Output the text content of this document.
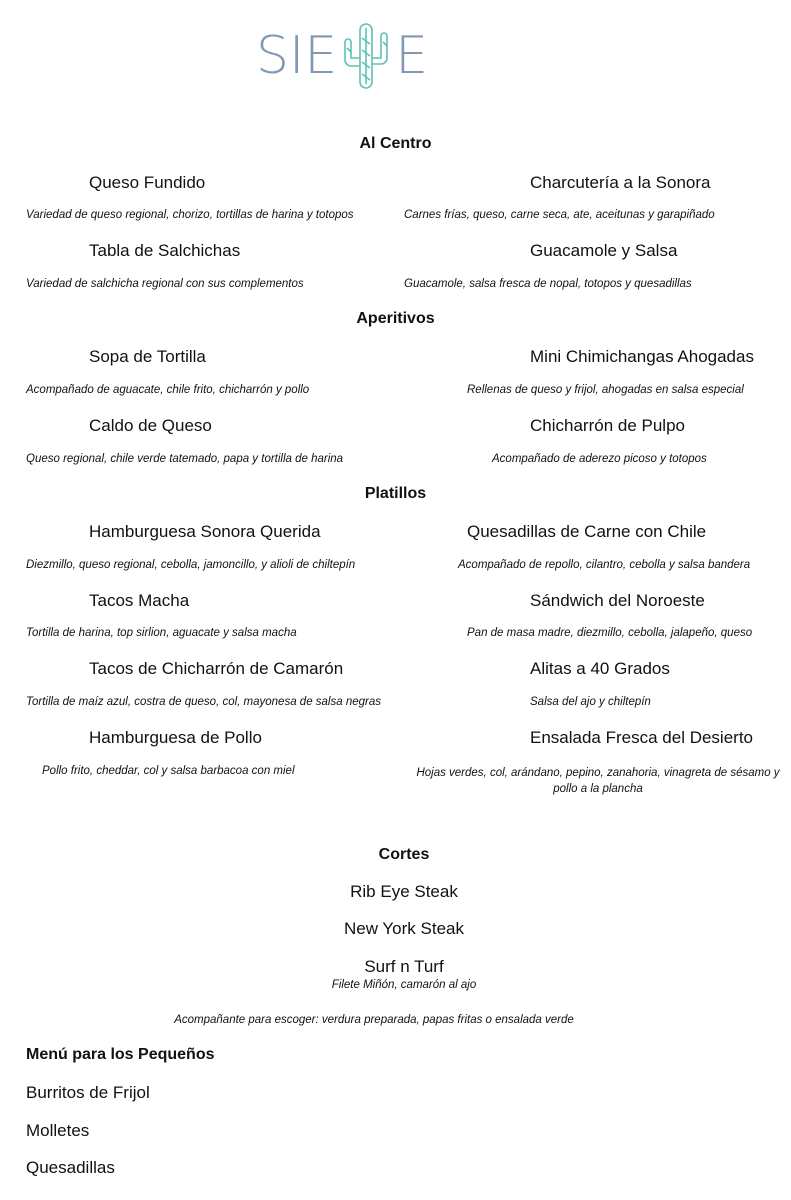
SIE E
Al Centro
Queso Fundido	Charcutería a la Sonora
Variedad de queso regional, chorizo, tortillas de harina y totopos	Carnes frías, queso, carne seca, ate, aceitunas y garapiñado
Tabla de Salchichas	Guacamole y Salsa
Variedad de salchicha regional con sus complementos	Guacamole, salsa fresca de nopal, totopos y quesadillas
Aperitivos
Sopa de Tortilla	Mini Chimichangas Ahogadas
Acompañado de aguacate, chile frito, chicharrón y pollo	Rellenas de queso y frijol, ahogadas en salsa especial
Caldo de Queso	Chicharrón de Pulpo
Queso regional, chile verde tatemado, papa y tortilla de harina	Acompañado de aderezo picoso y totopos
Platillos
Hamburguesa Sonora Querida	Quesadillas de Carne con Chile
Diezmillo, queso regional, cebolla, jamoncillo, y alioli de chiltepín	Acompañado de repollo, cilantro, cebolla y salsa bandera
Tacos Macha	Sándwich del Noroeste
Tortilla de harina, top sirlion, aguacate y salsa macha	Pan de masa madre, diezmillo, cebolla, jalapeño, queso
Tacos de Chicharrón de Camarón	Alitas a 40 Grados
Tortilla de maíz azul, costra de queso, col, mayonesa de salsa negras	Salsa del ajo y chiltepín
Hamburguesa de Pollo	Ensalada Fresca del Desierto
Pollo frito, cheddar, col y salsa barbacoa con miel	Hojas verdes, col, arándano, pepino, zanahoria, vinagreta de sésamo y pollo a la plancha
Cortes
Rib Eye Steak
New York Steak
Surf n Turf
Filete Miñón, camarón al ajo
Acompañante para escoger: verdura preparada, papas fritas o ensalada verde
Menú para los Pequeños
Burritos de Frijol
Molletes
Quesadillas
